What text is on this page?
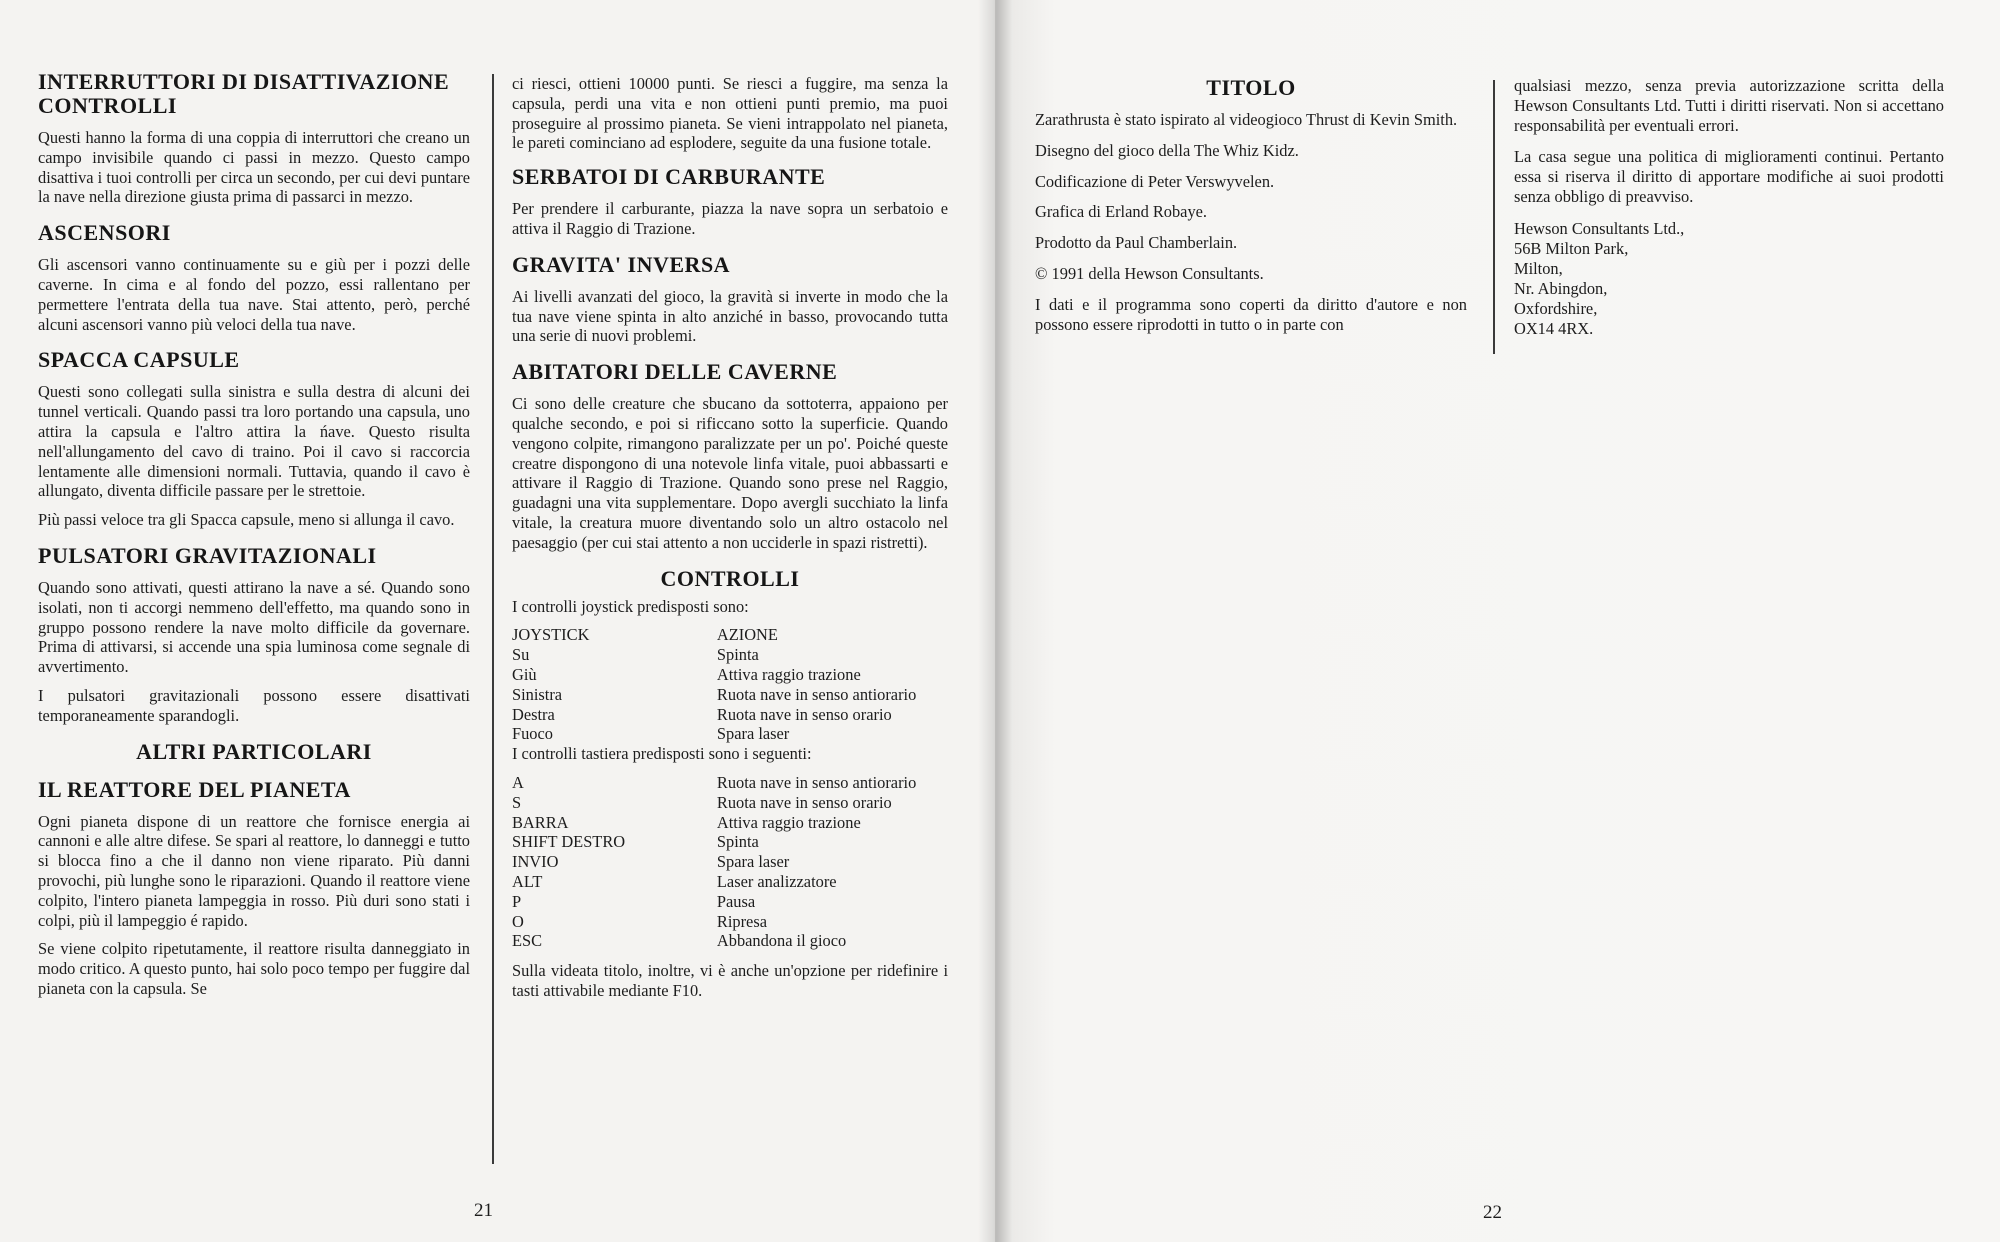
INTERRUTTORI DI DISATTIVAZIONE CONTROLLI

Questi hanno la forma di una coppia di interruttori che creano un campo invisibile quando ci passi in mezzo. Questo campo disattiva i tuoi controlli per circa un secondo, per cui devi puntare la nave nella direzione giusta prima di passarci in mezzo.

ASCENSORI

Gli ascensori vanno continuamente su e giù per i pozzi delle caverne. In cima e al fondo del pozzo, essi rallentano per permettere l'entrata della tua nave. Stai attento, però, perché alcuni ascensori vanno più veloci della tua nave.

SPACCA CAPSULE

Questi sono collegati sulla sinistra e sulla destra di alcuni dei tunnel verticali. Quando passi tra loro portando una capsula, uno attira la capsula e l'altro attira la ńave. Questo risulta nell'allungamento del cavo di traino. Poi il cavo si raccorcia lentamente alle dimensioni normali. Tuttavia, quando il cavo è allungato, diventa difficile passare per le strettoie.

Più passi veloce tra gli Spacca capsule, meno si allunga il cavo.

PULSATORI GRAVITAZIONALI

Quando sono attivati, questi attirano la nave a sé. Quando sono isolati, non ti accorgi nemmeno dell'effetto, ma quando sono in gruppo possono rendere la nave molto difficile da governare. Prima di attivarsi, si accende una spia luminosa come segnale di avvertimento.

I pulsatori gravitazionali possono essere disattivati temporaneamente sparandogli.

ALTRI PARTICOLARI
IL REATTORE DEL PIANETA

Ogni pianeta dispone di un reattore che fornisce energia ai cannoni e alle altre difese. Se spari al reattore, lo danneggi e tutto si blocca fino a che il danno non viene riparato. Più danni provochi, più lunghe sono le riparazioni. Quando il reattore viene colpito, l'intero pianeta lampeggia in rosso. Più duri sono stati i colpi, più il lampeggio é rapido.

Se viene colpito ripetutamente, il reattore risulta danneggiato in modo critico. A questo punto, hai solo poco tempo per fuggire dal pianeta con la capsula. Se

ci riesci, ottieni 10000 punti. Se riesci a fuggire, ma senza la capsula, perdi una vita e non ottieni punti premio, ma puoi proseguire al prossimo pianeta. Se vieni intrappolato nel pianeta, le pareti cominciano ad esplodere, seguite da una fusione totale.

SERBATOI DI CARBURANTE

Per prendere il carburante, piazza la nave sopra un serbatoio e attiva il Raggio di Trazione.

GRAVITA' INVERSA

Ai livelli avanzati del gioco, la gravità si inverte in modo che la tua nave viene spinta in alto anziché in basso, provocando tutta una serie di nuovi problemi.

ABITATORI DELLE CAVERNE

Ci sono delle creature che sbucano da sottoterra, appaiono per qualche secondo, e poi si rificcano sotto la superficie. Quando vengono colpite, rimangono paralizzate per un po'. Poiché queste creatre dispongono di una notevole linfa vitale, puoi abbassarti e attivare il Raggio di Trazione. Quando sono prese nel Raggio, guadagni una vita supplementare. Dopo avergli succhiato la linfa vitale, la creatura muore diventando solo un altro ostacolo nel paesaggio (per cui stai attento a non ucciderle in spazi ristretti).

CONTROLLI
I controlli joystick predisposti sono:
JOYSTICK	AZIONE
Su	Spinta
Giù	Attiva raggio trazione
Sinistra	Ruota nave in senso antiorario
Destra	Ruota nave in senso orario
Fuoco	Spara laser
I controlli tastiera predisposti sono i seguenti:
A	Ruota nave in senso antiorario
S	Ruota nave in senso orario
BARRA	Attiva raggio trazione
SHIFT DESTRO	Spinta
INVIO	Spara laser
ALT	Laser analizzatore
P	Pausa
O	Ripresa
ESC	Abbandona il gioco

Sulla videata titolo, inoltre, vi è anche un'opzione per ridefinire i tasti attivabile mediante F10.

21
TITOLO

Zarathrusta è stato ispirato al videogioco Thrust di Kevin Smith.

Disegno del gioco della The Whiz Kidz.

Codificazione di Peter Verswyvelen.

Grafica di Erland Robaye.

Prodotto da Paul Chamberlain.

© 1991 della Hewson Consultants.

I dati e il programma sono coperti da diritto d'autore e non possono essere riprodotti in tutto o in parte con

qualsiasi mezzo, senza previa autorizzazione scritta della Hewson Consultants Ltd. Tutti i diritti riservati. Non si accettano responsabilità per eventuali errori.

La casa segue una politica di miglioramenti continui. Pertanto essa si riserva il diritto di apportare modifiche ai suoi prodotti senza obbligo di preavviso.

Hewson Consultants Ltd.,
56B Milton Park,
Milton,
Nr. Abingdon,
Oxfordshire,
OX14 4RX.
22
